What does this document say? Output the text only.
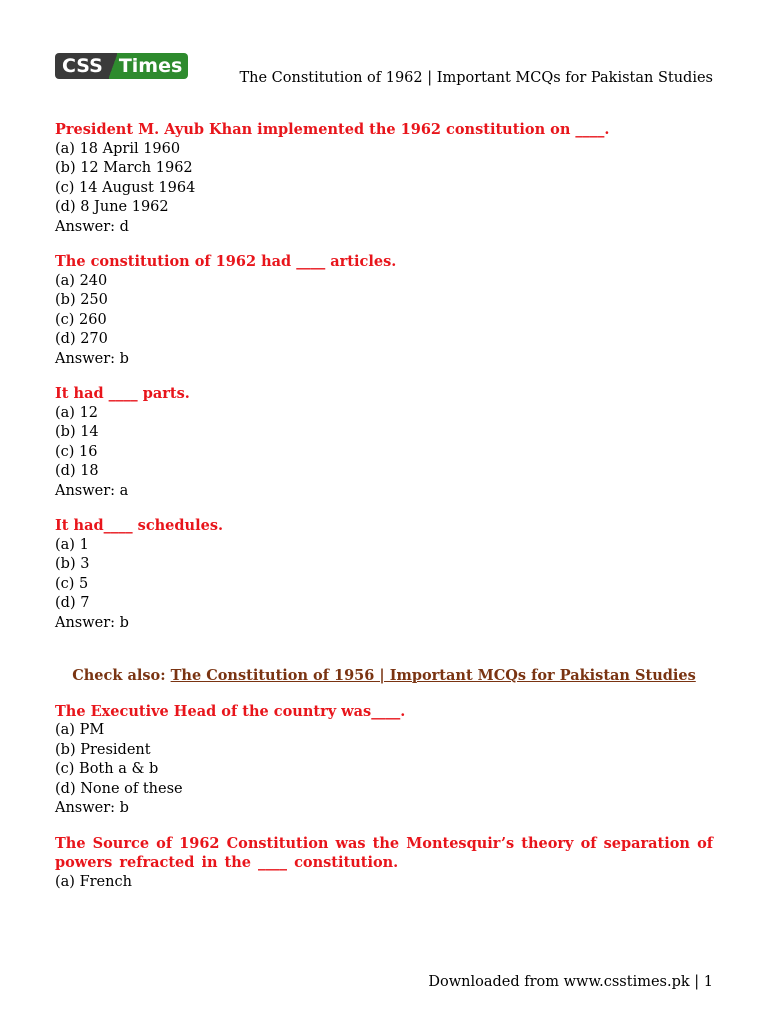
CSS Times
The Constitution of 1962 | Important MCQs for Pakistan Studies
President M. Ayub Khan implemented the 1962 constitution on ____.
(a) 18 April 1960
(b) 12 March 1962
(c) 14 August 1964
(d) 8 June 1962
Answer: d
The constitution of 1962 had ____ articles.
(a) 240
(b) 250
(c) 260
(d) 270
Answer: b
It had ____ parts.
(a) 12
(b) 14
(c) 16
(d) 18
Answer: a
It had____ schedules.
(a) 1
(b) 3
(c) 5
(d) 7
Answer: b
Check also: The Constitution of 1956 | Important MCQs for Pakistan Studies
The Executive Head of the country was____.
(a) PM
(b) President
(c) Both a & b
(d) None of these
Answer: b
The Source of 1962 Constitution was the Montesquir’s theory of separation of powers refracted in the ____ constitution.
(a) French
Downloaded from www.csstimes.pk | 1
